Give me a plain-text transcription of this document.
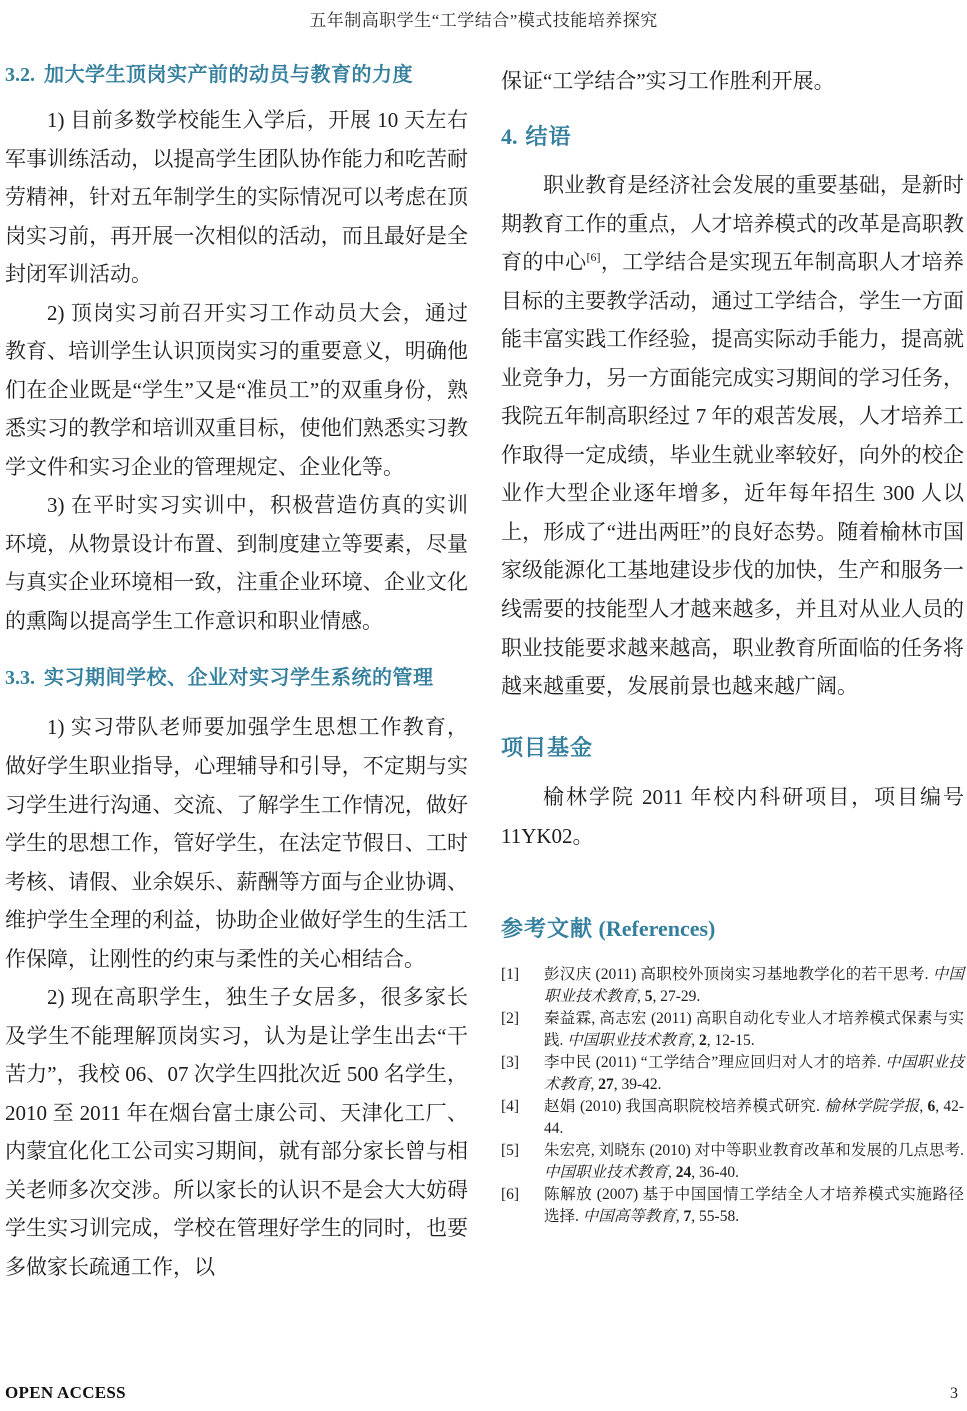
五年制高职学生“工学结合”模式技能培养探究
3.2. 加大学生顶岗实产前的动员与教育的力度

1) 目前多数学校能生入学后，开展 10 天左右军事训练活动，以提高学生团队协作能力和吃苦耐劳精神，针对五年制学生的实际情况可以考虑在顶岗实习前，再开展一次相似的活动，而且最好是全封闭军训活动。

2) 顶岗实习前召开实习工作动员大会，通过教育、培训学生认识顶岗实习的重要意义，明确他们在企业既是“学生”又是“准员工”的双重身份，熟悉实习的教学和培训双重目标，使他们熟悉实习教学文件和实习企业的管理规定、企业化等。

3) 在平时实习实训中，积极营造仿真的实训环境，从物景设计布置、到制度建立等要素，尽量与真实企业环境相一致，注重企业环境、企业文化的熏陶以提高学生工作意识和职业情感。

3.3. 实习期间学校、企业对实习学生系统的管理

1) 实习带队老师要加强学生思想工作教育，做好学生职业指导，心理辅导和引导，不定期与实习学生进行沟通、交流、了解学生工作情况，做好学生的思想工作，管好学生，在法定节假日、工时考核、请假、业余娱乐、薪酬等方面与企业协调、维护学生全理的利益，协助企业做好学生的生活工作保障，让刚性的约束与柔性的关心相结合。

2) 现在高职学生，独生子女居多，很多家长及学生不能理解顶岗实习，认为是让学生出去“干苦力”，我校 06、07 次学生四批次近 500 名学生，2010 至 2011 年在烟台富士康公司、天津化工厂、内蒙宜化化工公司实习期间，就有部分家长曾与相关老师多次交涉。所以家长的认识不是会大大妨碍学生实习训完成，学校在管理好学生的同时，也要多做家长疏通工作，以

保证“工学结合”实习工作胜利开展。

4. 结语

职业教育是经济社会发展的重要基础，是新时期教育工作的重点，人才培养模式的改革是高职教育的中心[6]，工学结合是实现五年制高职人才培养目标的主要教学活动，通过工学结合，学生一方面能丰富实践工作经验，提高实际动手能力，提高就业竞争力，另一方面能完成实习期间的学习任务，我院五年制高职经过 7 年的艰苦发展，人才培养工作取得一定成绩，毕业生就业率较好，向外的校企业作大型企业逐年增多，近年每年招生 300 人以上，形成了“进出两旺”的良好态势。随着榆林市国家级能源化工基地建设步伐的加快，生产和服务一线需要的技能型人才越来越多，并且对从业人员的职业技能要求越来越高，职业教育所面临的任务将越来越重要，发展前景也越来越广阔。

项目基金

榆林学院 2011 年校内科研项目，项目编号 11YK02。

参考文献 (References)
[1]	彭汉庆 (2011) 高职校外顶岗实习基地教学化的若干思考. 中国职业技术教育, 5, 27-29.
[2]	秦益霖, 高志宏 (2011) 高职自动化专业人才培养模式保素与实践. 中国职业技术教育, 2, 12-15.
[3]	李中民 (2011) “工学结合”理应回归对人才的培养. 中国职业技术教育, 27, 39-42.
[4]	赵娟 (2010) 我国高职院校培养模式研究. 榆林学院学报, 6, 42-44.
[5]	朱宏亮, 刘晓东 (2010) 对中等职业教育改革和发展的几点思考. 中国职业技术教育, 24, 36-40.
[6]	陈解放 (2007) 基于中国国情工学结全人才培养模式实施路径选择. 中国高等教育, 7, 55-58.
OPEN ACCESS	3
